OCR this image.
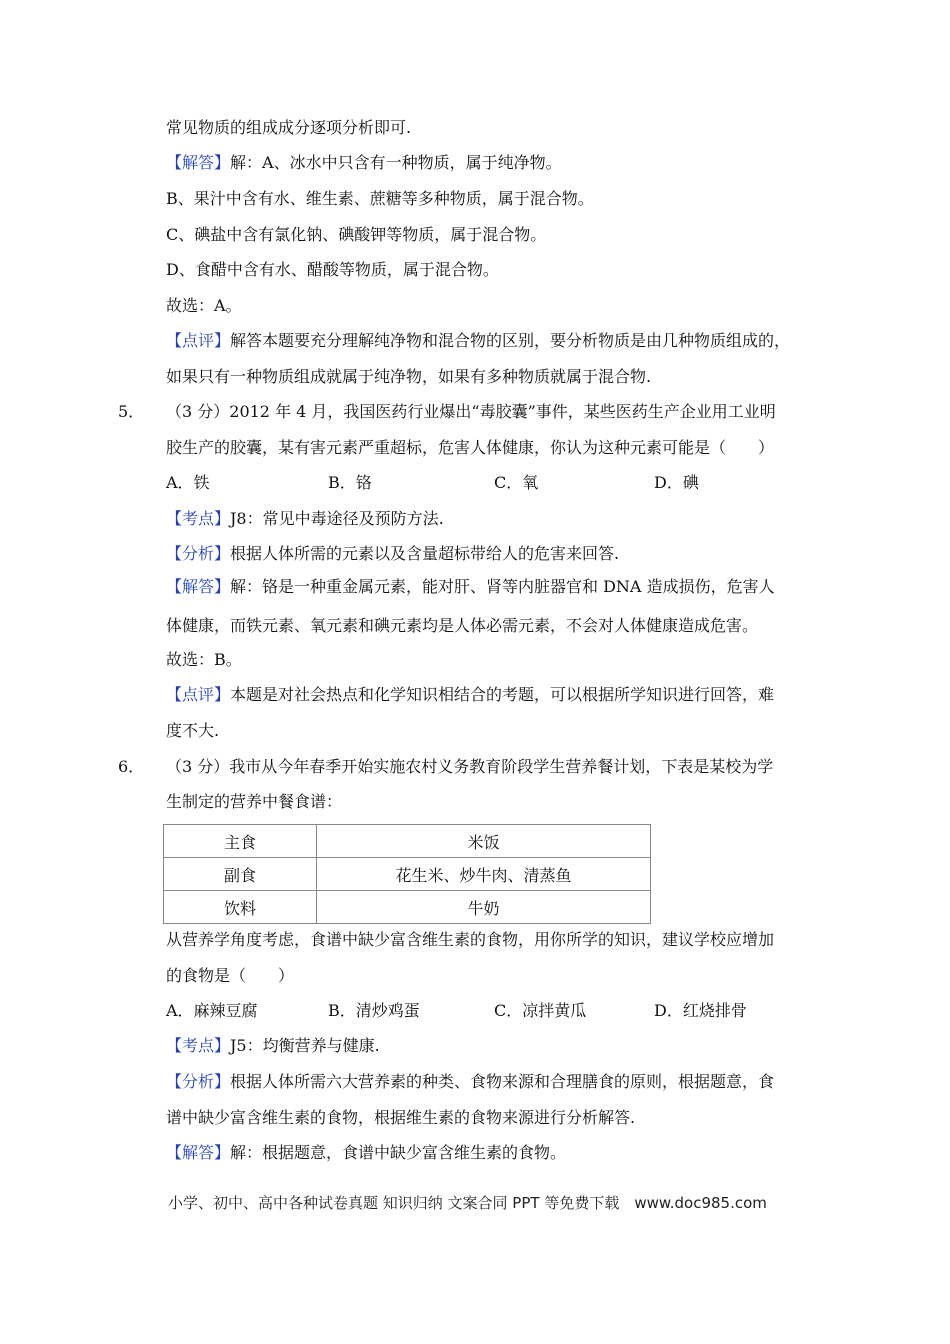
常见物质的组成成分逐项分析即可.
【解答】解：A、冰水中只含有一种物质，属于纯净物。
B、果汁中含有水、维生素、蔗糖等多种物质，属于混合物。
C、碘盐中含有氯化钠、碘酸钾等物质，属于混合物。
D、食醋中含有水、醋酸等物质，属于混合物。
故选：A。
【点评】解答本题要充分理解纯净物和混合物的区别，要分析物质是由几种物质组成的，
如果只有一种物质组成就属于纯净物，如果有多种物质就属于混合物.
5． （3 分）2012 年 4 月，我国医药行业爆出“毒胶囊”事件，某些医药生产企业用工业明
胶生产的胶囊，某有害元素严重超标，危害人体健康，你认为这种元素可能是（　　）
A．铁	B．铬	C．氧	D．碘
【考点】J8：常见中毒途径及预防方法.
【分析】根据人体所需的元素以及含量超标带给人的危害来回答.
【解答】解：铬是一种重金属元素，能对肝、肾等内脏器官和 DNA 造成损伤，危害人
体健康，而铁元素、氧元素和碘元素均是人体必需元素，不会对人体健康造成危害。
故选：B。
【点评】本题是对社会热点和化学知识相结合的考题，可以根据所学知识进行回答，难
度不大.
6． （3 分）我市从今年春季开始实施农村义务教育阶段学生营养餐计划，下表是某校为学
生制定的营养中餐食谱：
主食	米饭
副食	花生米、炒牛肉、清蒸鱼
饮料	牛奶
从营养学角度考虑，食谱中缺少富含维生素的食物，用你所学的知识，建议学校应增加
的食物是（　　）
A．麻辣豆腐	B．清炒鸡蛋	C．凉拌黄瓜	D．红烧排骨
【考点】J5：均衡营养与健康.
【分析】根据人体所需六大营养素的种类、食物来源和合理膳食的原则，根据题意，食
谱中缺少富含维生素的食物，根据维生素的食物来源进行分析解答.
【解答】解：根据题意，食谱中缺少富含维生素的食物。
小学、初中、高中各种试卷真题 知识归纳 文案合同 PPT 等免费下载　www.doc985.com
